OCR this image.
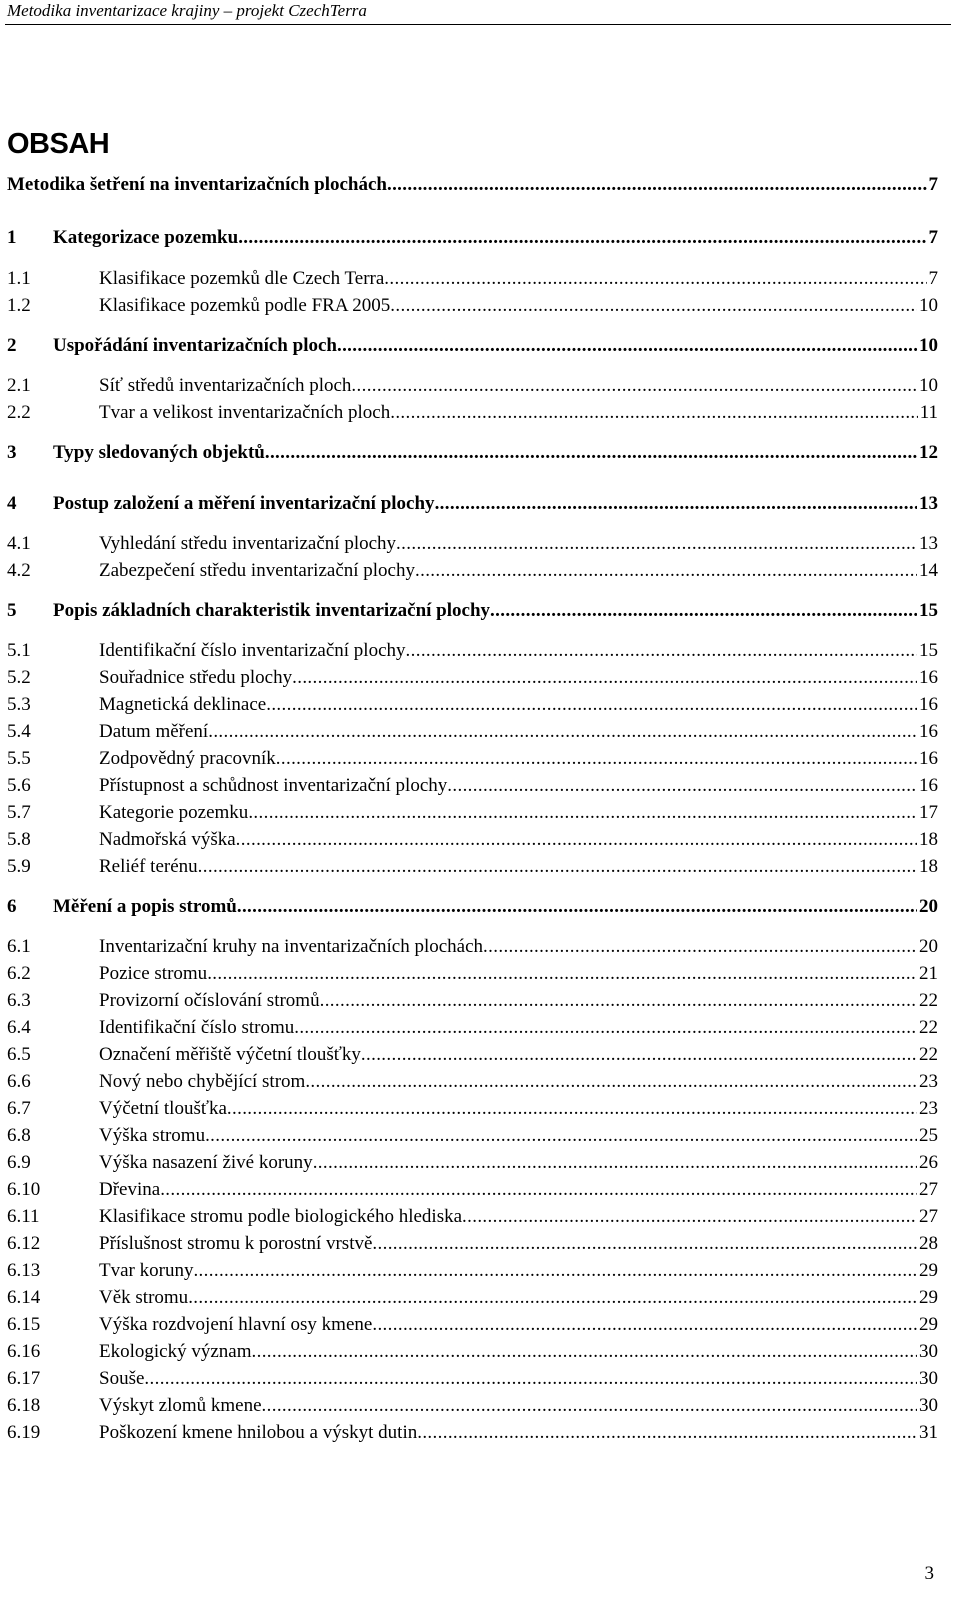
Metodika inventarizace krajiny – projekt CzechTerra
OBSAH
Metodika šetření na inventarizačních plochách . . .	7
1	Kategorizace pozemku . . .	7
1.1	Klasifikace pozemků dle Czech Terra . . .	7
1.2	Klasifikace pozemků podle FRA 2005 . . .	10
2	Uspořádání inventarizačních ploch . . .	10
2.1	Síť středů inventarizačních ploch . . .	10
2.2	Tvar a velikost inventarizačních ploch . . .	11
3	Typy sledovaných objektů . . .	12
4	Postup založení a měření inventarizační plochy . . .	13
4.1	Vyhledání středu inventarizační plochy . . .	13
4.2	Zabezpečení středu inventarizační plochy . . .	14
5	Popis základních charakteristik inventarizační plochy . . .	15
5.1	Identifikační číslo inventarizační plochy . . .	15
5.2	Souřadnice středu plochy . . .	16
5.3	Magnetická deklinace . . .	16
5.4	Datum měření . . .	16
5.5	Zodpovědný pracovník . . .	16
5.6	Přístupnost a schůdnost inventarizační plochy . . .	16
5.7	Kategorie pozemku . . .	17
5.8	Nadmořská výška . . .	18
5.9	Reliéf terénu . . .	18
6	Měření a popis stromů . . .	20
6.1	Inventarizační kruhy na inventarizačních plochách . . .	20
6.2	Pozice stromu . . .	21
6.3	Provizorní očíslování stromů . . .	22
6.4	Identifikační číslo stromu . . .	22
6.5	Označení měřiště výčetní tloušťky . . .	22
6.6	Nový nebo chybějící strom . . .	23
6.7	Výčetní tloušťka . . .	23
6.8	Výška stromu . . .	25
6.9	Výška nasazení živé koruny . . .	26
6.10	Dřevina . . .	27
6.11	Klasifikace stromu podle biologického hlediska . . .	27
6.12	Příslušnost stromu k porostní vrstvě . . .	28
6.13	Tvar koruny . . .	29
6.14	Věk stromu . . .	29
6.15	Výška rozdvojení hlavní osy kmene . . .	29
6.16	Ekologický význam . . .	30
6.17	Souše . . .	30
6.18	Výskyt zlomů kmene . . .	30
6.19	Poškození kmene hnilobou a výskyt dutin . . .	31
3
